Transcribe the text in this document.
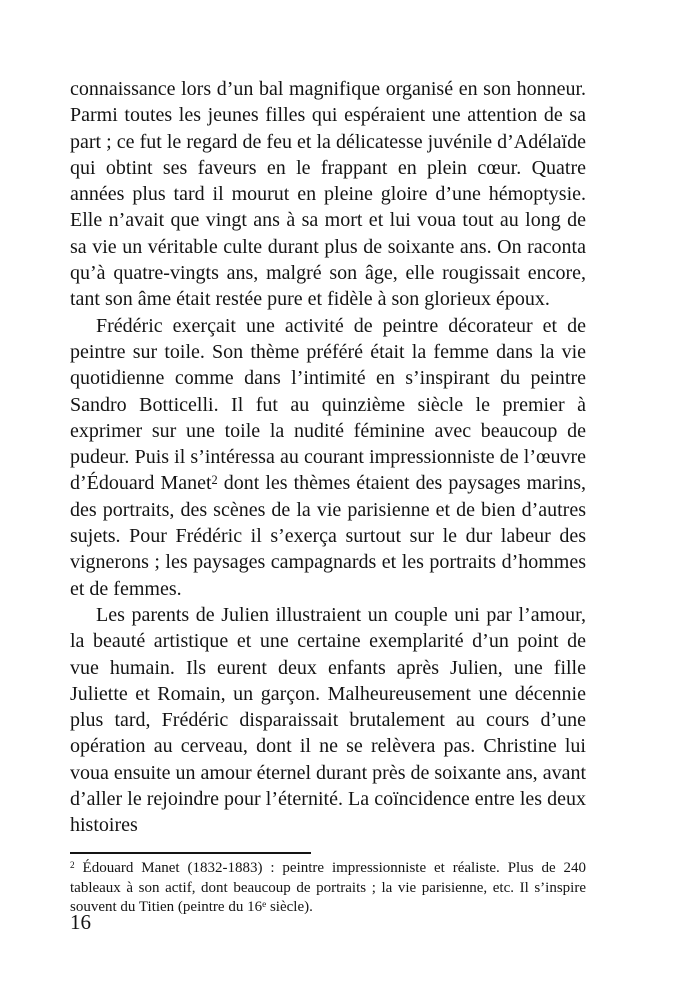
connaissance lors d’un bal magnifique organisé en son honneur. Parmi toutes les jeunes filles qui espéraient une attention de sa part ; ce fut le regard de feu et la délicatesse juvénile d’Adélaïde qui obtint ses faveurs en le frappant en plein cœur. Quatre années plus tard il mourut en pleine gloire d’une hémoptysie. Elle n’avait que vingt ans à sa mort et lui voua tout au long de sa vie un véritable culte durant plus de soixante ans. On raconta qu’à quatre-vingts ans, malgré son âge, elle rougissait encore, tant son âme était restée pure et fidèle à son glorieux époux.

Frédéric exerçait une activité de peintre décorateur et de peintre sur toile. Son thème préféré était la femme dans la vie quotidienne comme dans l’intimité en s’inspirant du peintre Sandro Botticelli. Il fut au quinzième siècle le premier à exprimer sur une toile la nudité féminine avec beaucoup de pudeur. Puis il s’intéressa au courant impressionniste de l’œuvre d’Édouard Manet$^2$ dont les thèmes étaient des paysages marins, des portraits, des scènes de la vie parisienne et de bien d’autres sujets. Pour Frédéric il s’exerça surtout sur le dur labeur des vignerons ; les paysages campagnards et les portraits d’hommes et de femmes.

Les parents de Julien illustraient un couple uni par l’amour, la beauté artistique et une certaine exemplarité d’un point de vue humain. Ils eurent deux enfants après Julien, une fille Juliette et Romain, un garçon. Malheureusement une décennie plus tard, Frédéric disparaissait brutalement au cours d’une opération au cerveau, dont il ne se relèvera pas. Christine lui voua ensuite un amour éternel durant près de soixante ans, avant d’aller le rejoindre pour l’éternité. La coïncidence entre les deux histoires

$^2$ Édouard Manet (1832-1883) : peintre impressionniste et réaliste. Plus de 240 tableaux à son actif, dont beaucoup de portraits ; la vie parisienne, etc. Il s’inspire souvent du Titien (peintre du 16e siècle).
16
